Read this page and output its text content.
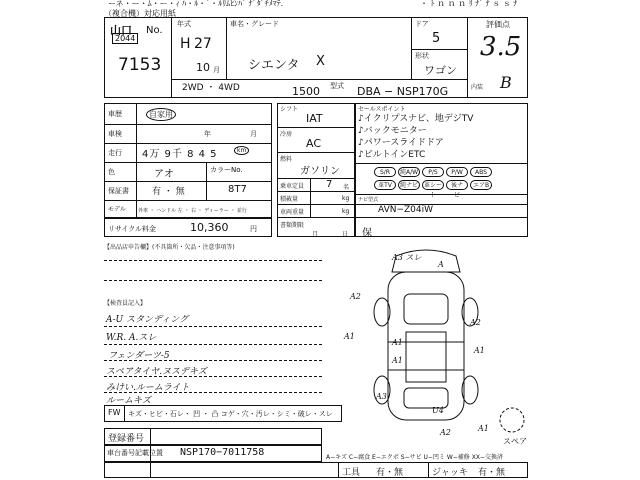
ーネ・ー・ﾑ・ー・ｨ ﾊ・ﾙ・ﾞ・ﾙﾘﾑﾋﾝﾊﾞ ﾅﾞﾀﾞﾁﾒﾏﾃ.
（複合機）対応用紙
・ ﾄ ｎ ｎ ｎ ﾘ ﾅﾞ ﾅ ｓ ｓ ﾅ
山口
2044
No.
7153
年式
H 27
10 月
車名・グレード
シエンタ X
ドア
5
形状
ワゴン
評価点
3.5
内装 B
2WD ・ 4WD	1500 型式 DBA − NSP170G
車歴	自家用
車検	年	月
走行 4万 9千 8 4 5	km
色	アオ	カラーNo.
保証書	有 ・ 無	8T7
モデル 外車 ・ ハンドル 左 ・ 右 ・ ディーラー ・ 並行
リサイクル料金	10,360	円
シフト
IAT
冷房
AC
燃料
ガソリン
乗車定員 7 名
積載量	kg
車両重量	kg
書類期限
月	日
セールスポイント
♪イクリプスナビ、地デジTV
♪バックモニター
♪パワースライドドア
♪ビルトインETC
S/R	純A/W	P/S	P/W	ABS
革TV	純ナビ 革シート
後ナビ
エアB
ナビ型式
AVN−Z04iW
保
【出品店申告欄】(不具箇所・欠品・注意事項等)
【検査員記入】
A-U スタンディング
W.R. A.スレ
フェンダーツ-5
スペアタイヤ.ヌスデキズ
みけい.ルームライト
ルームキズ
A3 スレ
A
A2
A1
A1
A2
A1
A1
A3
U4
A2	A1
スペア
FW キズ・ヒビ・石レ・ 凹 ・ 凸 コゲ・穴・汚レ・シミ・破レ・スレ
登録番号
車台番号記載位置 NSP170−7011758	A−キズ C−腐食 E−エクボ S−サビ U−凹ミ W−補修 XX−交換済
工具 有・無	ジャッキ 有・無
